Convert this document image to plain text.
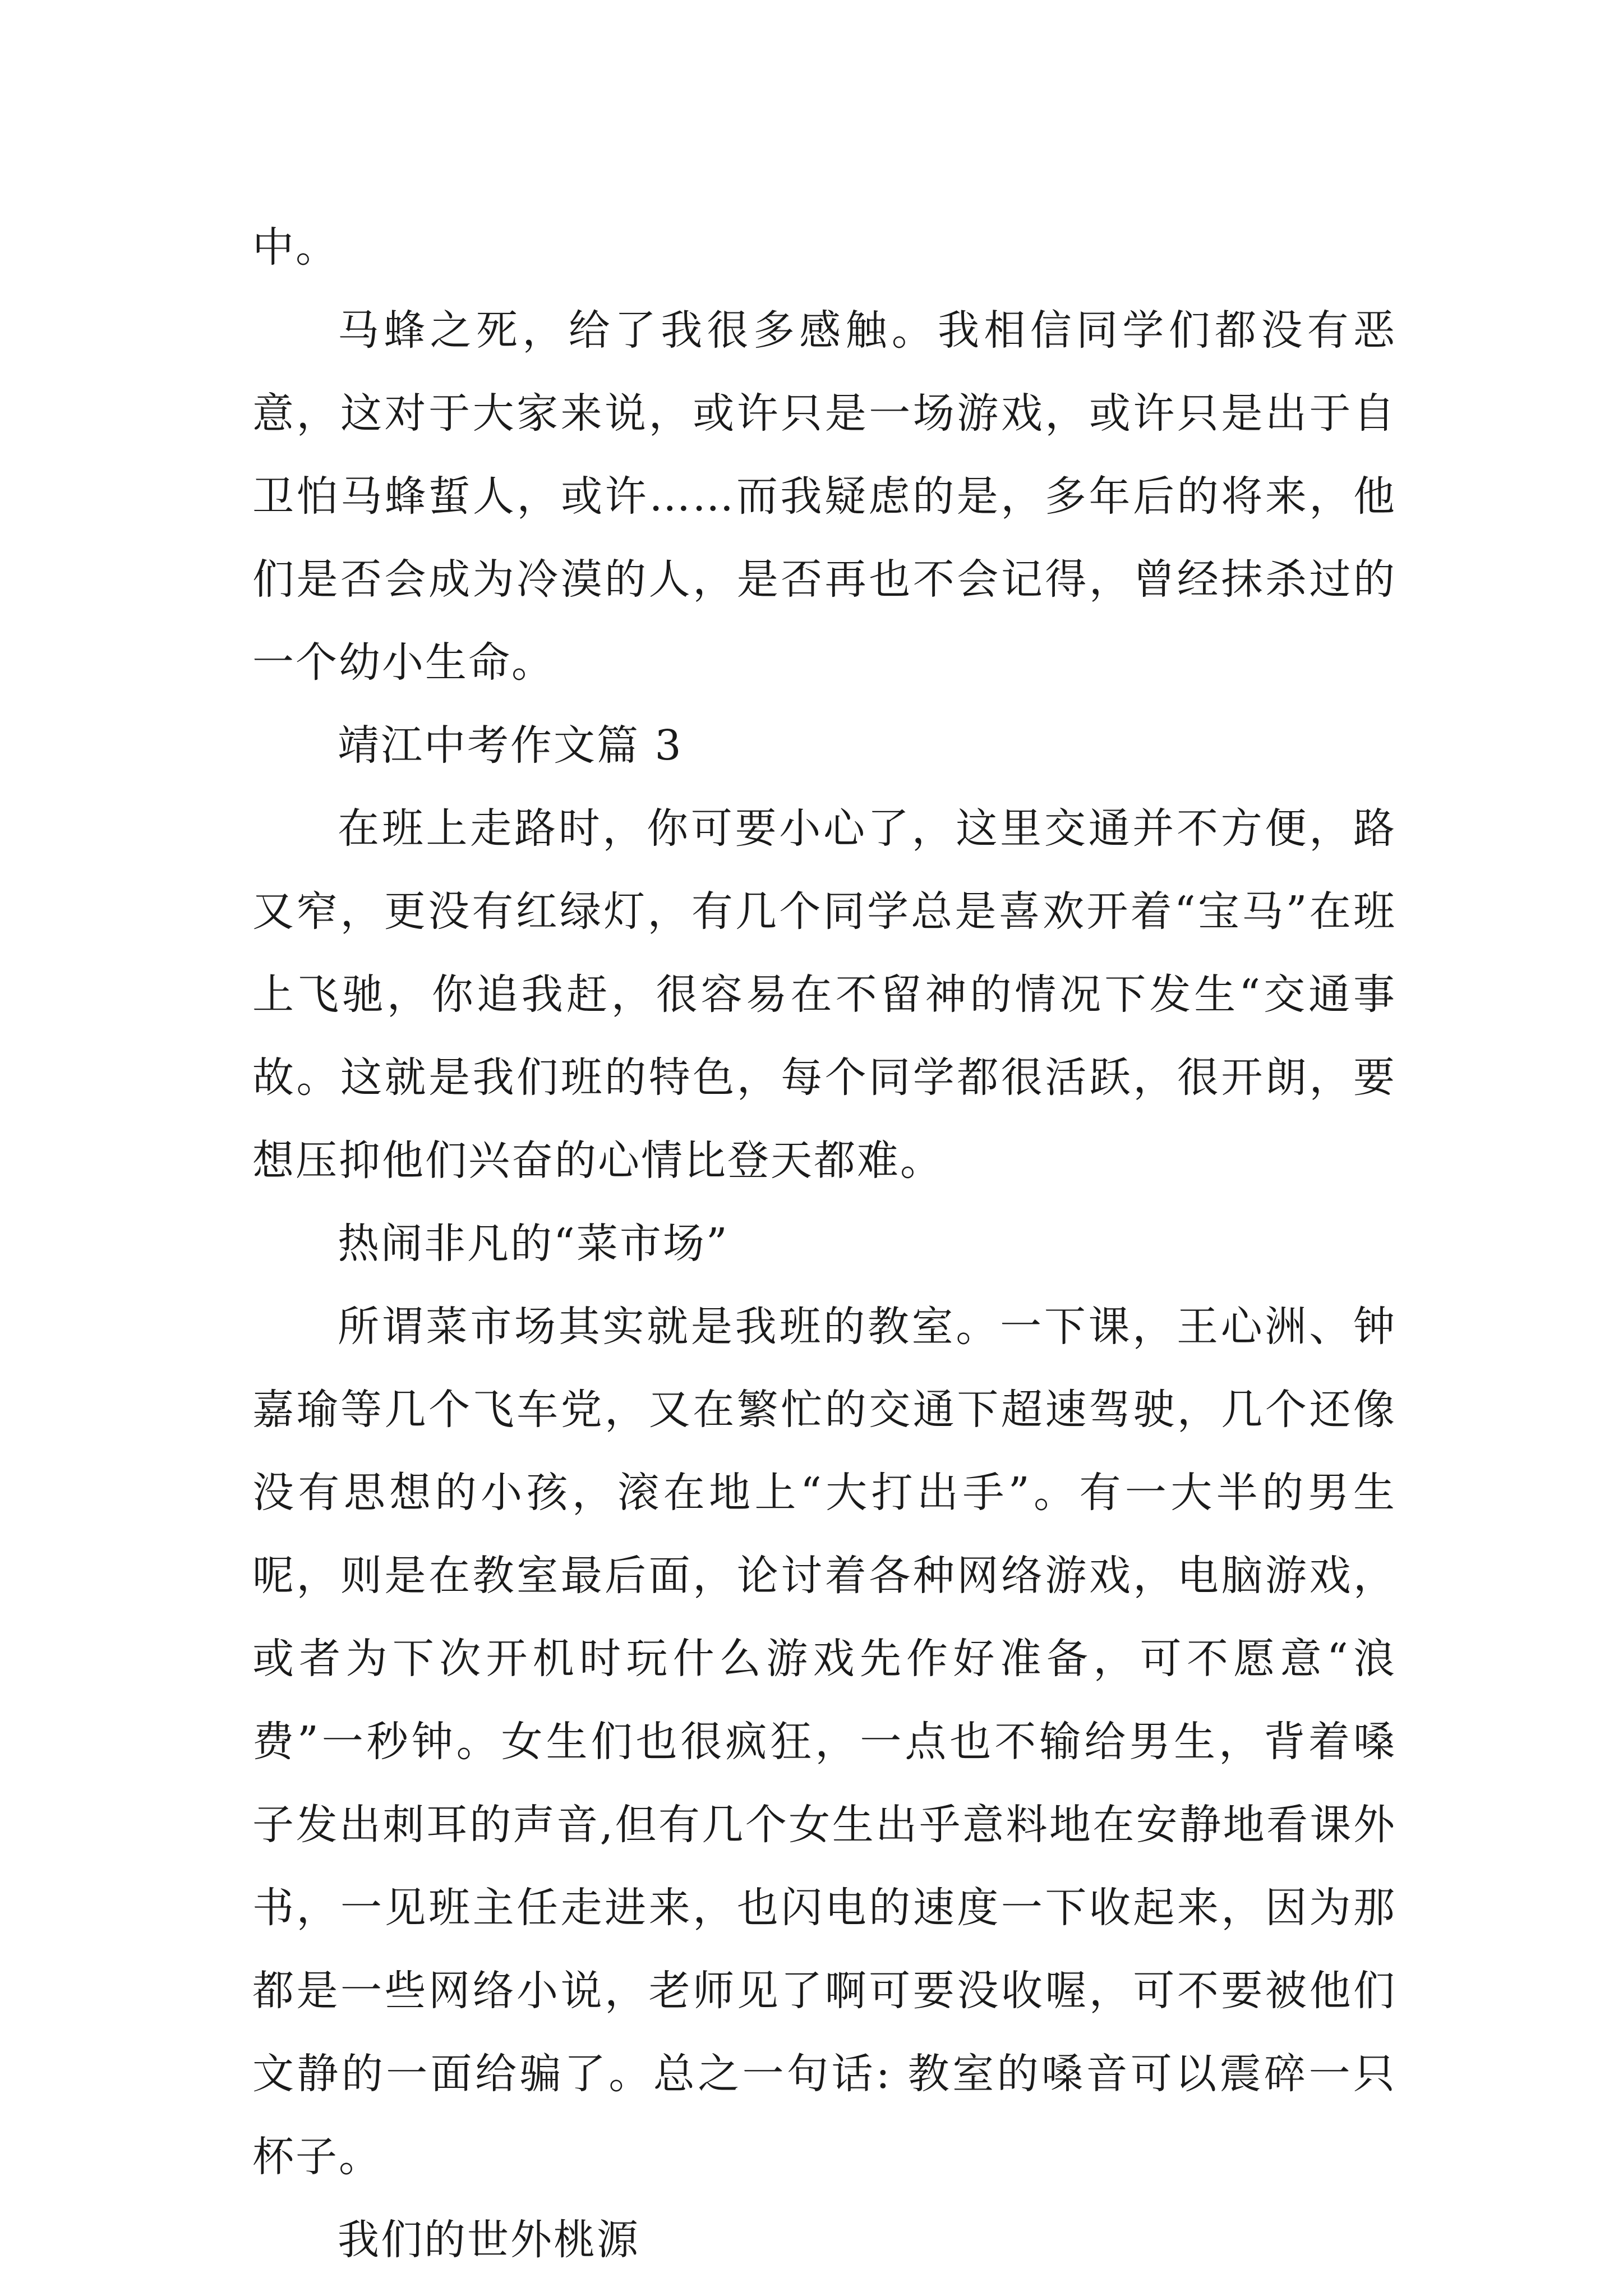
中。

马蜂之死，给了我很多感触。我相信同学们都没有恶意，这对于大家来说，或许只是一场游戏，或许只是出于自卫怕马蜂蜇人，或许……而我疑虑的是，多年后的将来，他们是否会成为冷漠的人，是否再也不会记得，曾经抹杀过的一个幼小生命。

靖江中考作文篇 3

在班上走路时，你可要小心了，这里交通并不方便，路又窄，更没有红绿灯，有几个同学总是喜欢开着“宝马”在班上飞驰，你追我赶，很容易在不留神的情况下发生“交通事故。这就是我们班的特色，每个同学都很活跃，很开朗，要想压抑他们兴奋的心情比登天都难。

热闹非凡的“菜市场”

所谓菜市场其实就是我班的教室。一下课，王心洲、钟嘉瑜等几个飞车党，又在繁忙的交通下超速驾驶，几个还像没有思想的小孩，滚在地上“大打出手”。有一大半的男生呢，则是在教室最后面，论讨着各种网络游戏，电脑游戏，或者为下次开机时玩什么游戏先作好准备，可不愿意“浪费”一秒钟。女生们也很疯狂，一点也不输给男生，背着嗓子发出刺耳的声音,但有几个女生出乎意料地在安静地看课外书，一见班主任走进来，也闪电的速度一下收起来，因为那都是一些网络小说，老师见了啊可要没收喔，可不要被他们文静的一面给骗了。总之一句话: 教室的嗓音可以震碎一只杯子。

我们的世外桃源
